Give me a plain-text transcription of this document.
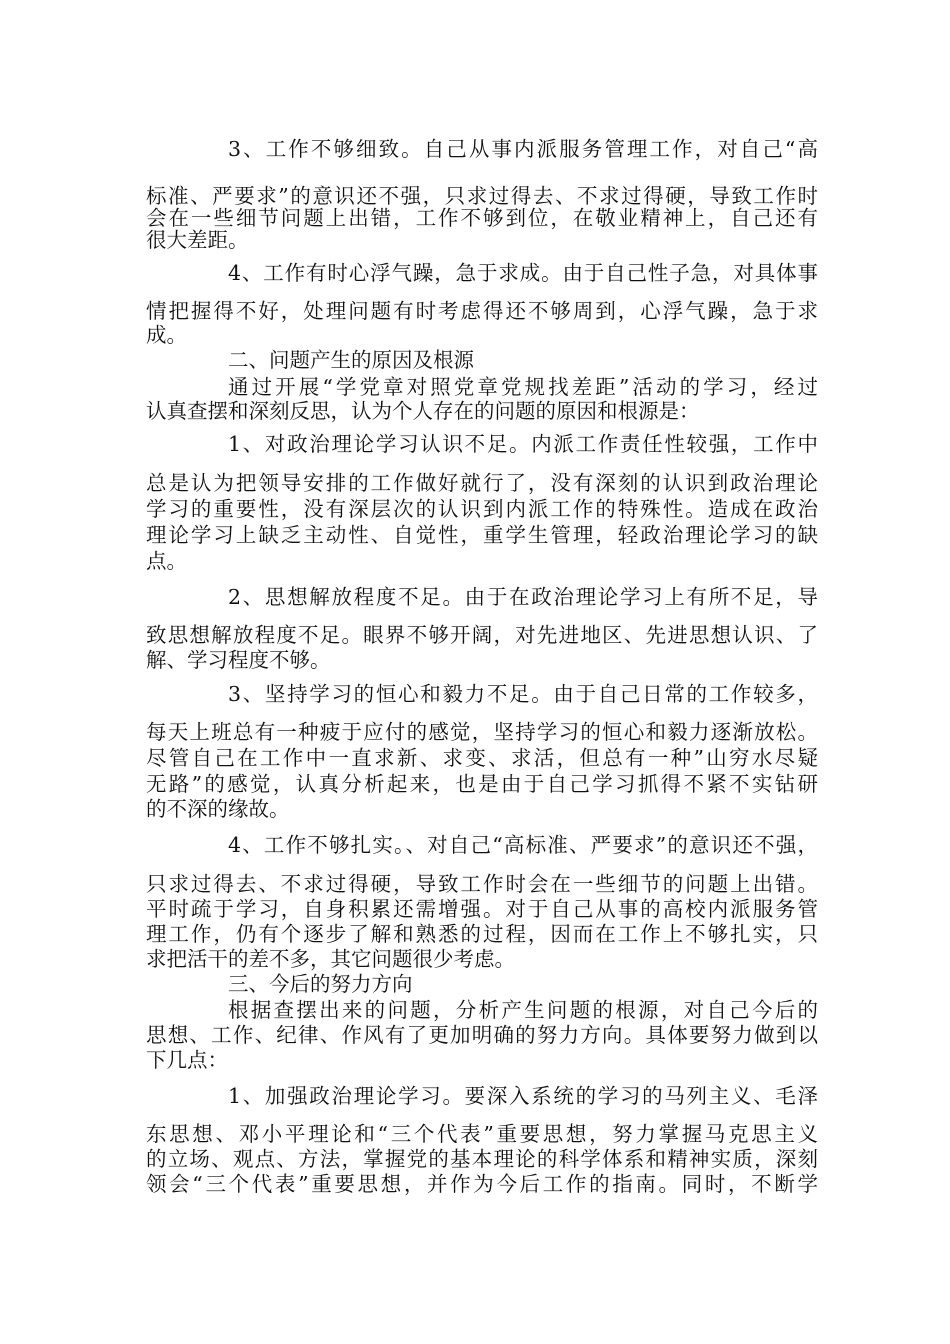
3、工作不够细致。自己从事内派服务管理工作，对自己“高
标准、严要求”的意识还不强，只求过得去、不求过得硬，导致工作时
会在一些细节问题上出错，工作不够到位，在敬业精神上，自己还有
很大差距。
4、工作有时心浮气躁，急于求成。由于自己性子急，对具体事
情把握得不好，处理问题有时考虑得还不够周到，心浮气躁，急于求
成。
二、问题产生的原因及根源
通过开展“学党章对照党章党规找差距”活动的学习，经过
认真查摆和深刻反思，认为个人存在的问题的原因和根源是：
1、对政治理论学习认识不足。内派工作责任性较强，工作中
总是认为把领导安排的工作做好就行了，没有深刻的认识到政治理论
学习的重要性，没有深层次的认识到内派工作的特殊性。造成在政治
理论学习上缺乏主动性、自觉性，重学生管理，轻政治理论学习的缺
点。
2、思想解放程度不足。由于在政治理论学习上有所不足，导
致思想解放程度不足。眼界不够开阔，对先进地区、先进思想认识、了
解、学习程度不够。
3、坚持学习的恒心和毅力不足。由于自己日常的工作较多，
每天上班总有一种疲于应付的感觉，坚持学习的恒心和毅力逐渐放松。
尽管自己在工作中一直求新、求变、求活，但总有一种”山穷水尽疑
无路”的感觉，认真分析起来，也是由于自己学习抓得不紧不实钻研
的不深的缘故。
4、工作不够扎实。、对自己“高标准、严要求”的意识还不强，
只求过得去、不求过得硬，导致工作时会在一些细节的问题上出错。
平时疏于学习，自身积累还需增强。对于自己从事的高校内派服务管
理工作，仍有个逐步了解和熟悉的过程，因而在工作上不够扎实，只
求把活干的差不多，其它问题很少考虑。
三、今后的努力方向
根据查摆出来的问题，分析产生问题的根源，对自己今后的
思想、工作、纪律、作风有了更加明确的努力方向。具体要努力做到以
下几点：
1、加强政治理论学习。要深入系统的学习的马列主义、毛泽
东思想、邓小平理论和“三个代表”重要思想，努力掌握马克思主义
的立场、观点、方法，掌握党的基本理论的科学体系和精神实质，深刻
领会“三个代表”重要思想，并作为今后工作的指南。同时，不断学
